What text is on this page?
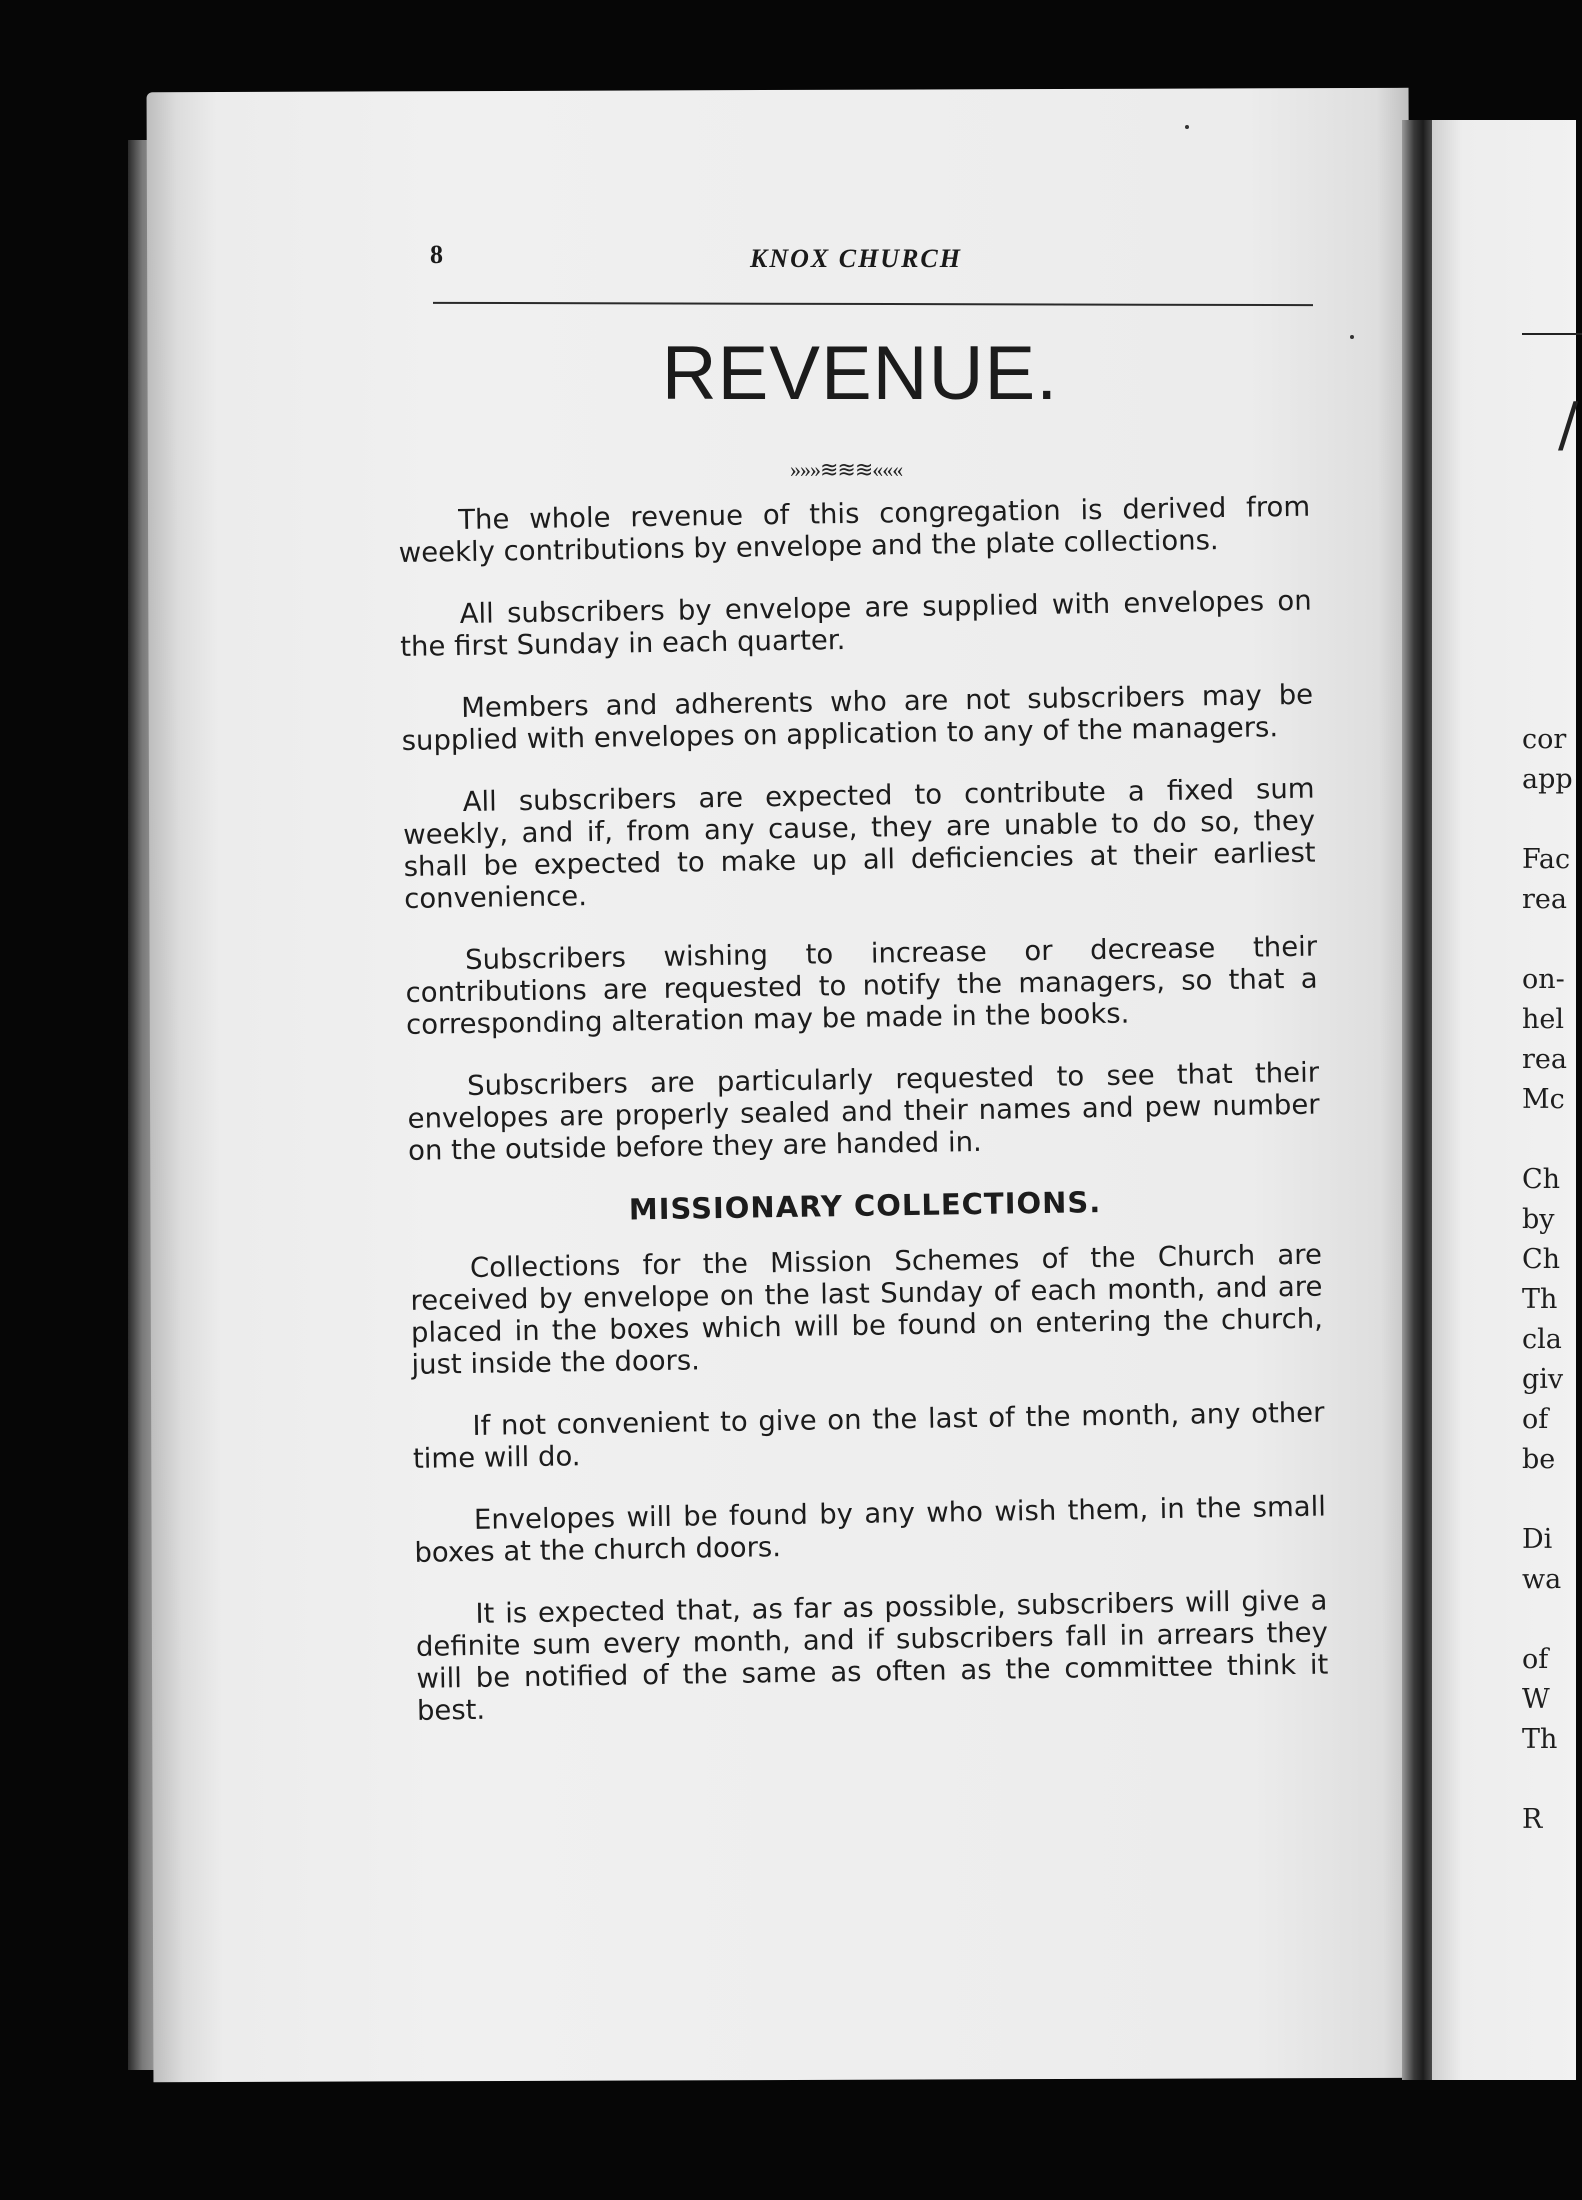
8	KNOX CHURCH
REVENUE.
»»»≋≋≋«««

The whole revenue of this congregation is derived from weekly contributions by envelope and the plate collections.

All subscribers by envelope are supplied with envelopes on the first Sunday in each quarter.

Members and adherents who are not subscribers may be supplied with envelopes on application to any of the managers.

All subscribers are expected to contribute a fixed sum weekly, and if, from any cause, they are unable to do so, they shall be expected to make up all deficiencies at their earliest convenience.

Subscribers wishing to increase or decrease their contributions are requested to notify the managers, so that a corresponding alteration may be made in the books.

Subscribers are particularly requested to see that their envelopes are properly sealed and their names and pew number on the outside before they are handed in.

MISSIONARY COLLECTIONS.

Collections for the Mission Schemes of the Church are received by envelope on the last Sunday of each month, and are placed in the boxes which will be found on entering the church, just inside the doors.

If not convenient to give on the last of the month, any other time will do.

Envelopes will be found by any who wish them, in the small boxes at the church doors.

It is expected that, as far as possible, subscribers will give a definite sum every month, and if subscribers fall in arrears they will be notified of the same as often as the committee think it best.

/
cor
app

Fac
rea

on-
hel
rea
Mc

Ch
by
Ch
Th
cla
giv
of
be

Di
wa

of
W
Th

R
